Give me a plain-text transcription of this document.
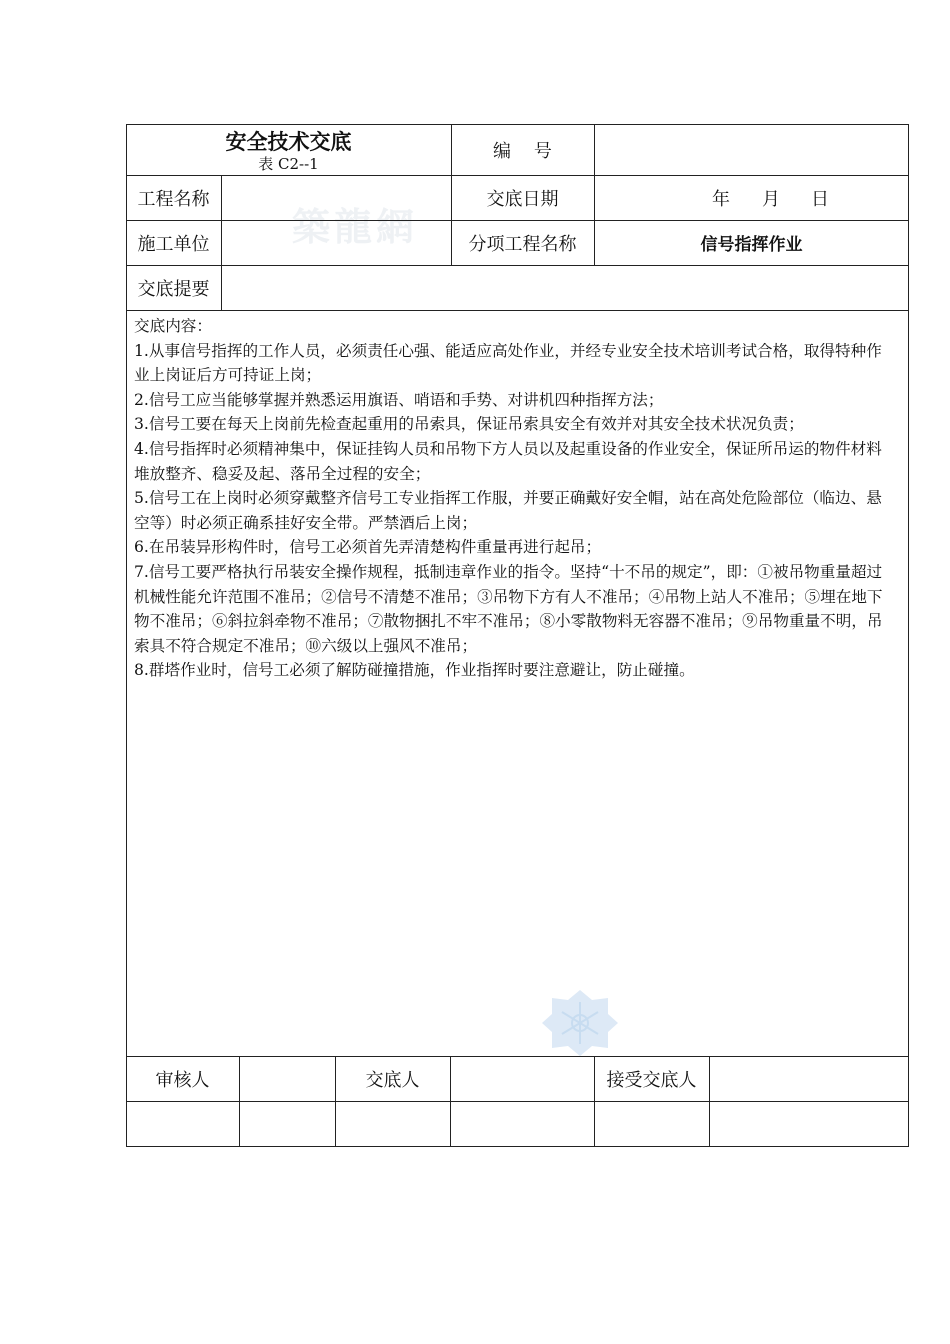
築龍網
安全技术交底
表 C2--1
编    号
工程名称	交底日期	年 月 日
施工单位	分项工程名称	信号指挥作业
交底提要
审核人	交底人	接受交底人

交底内容：

1.从事信号指挥的工作人员，必须责任心强、能适应高处作业，并经专业安全技术培训考试合格，取得特种作业上岗证后方可持证上岗；

2.信号工应当能够掌握并熟悉运用旗语、哨语和手势、对讲机四种指挥方法；

3.信号工要在每天上岗前先检查起重用的吊索具，保证吊索具安全有效并对其安全技术状况负责；

4.信号指挥时必须精神集中，保证挂钩人员和吊物下方人员以及起重设备的作业安全，保证所吊运的物件材料堆放整齐、稳妥及起、落吊全过程的安全；

5.信号工在上岗时必须穿戴整齐信号工专业指挥工作服，并要正确戴好安全帽，站在高处危险部位（临边、悬空等）时必须正确系挂好安全带。严禁酒后上岗；

6.在吊装异形构件时，信号工必须首先弄清楚构件重量再进行起吊；

7.信号工要严格执行吊装安全操作规程，抵制违章作业的指令。坚持“十不吊的规定”，即：①被吊物重量超过机械性能允许范围不准吊；②信号不清楚不准吊；③吊物下方有人不准吊；④吊物上站人不准吊；⑤埋在地下物不准吊；⑥斜拉斜牵物不准吊；⑦散物捆扎不牢不准吊；⑧小零散物料无容器不准吊；⑨吊物重量不明，吊索具不符合规定不准吊；⑩六级以上强风不准吊；

8.群塔作业时，信号工必须了解防碰撞措施，作业指挥时要注意避让，防止碰撞。
